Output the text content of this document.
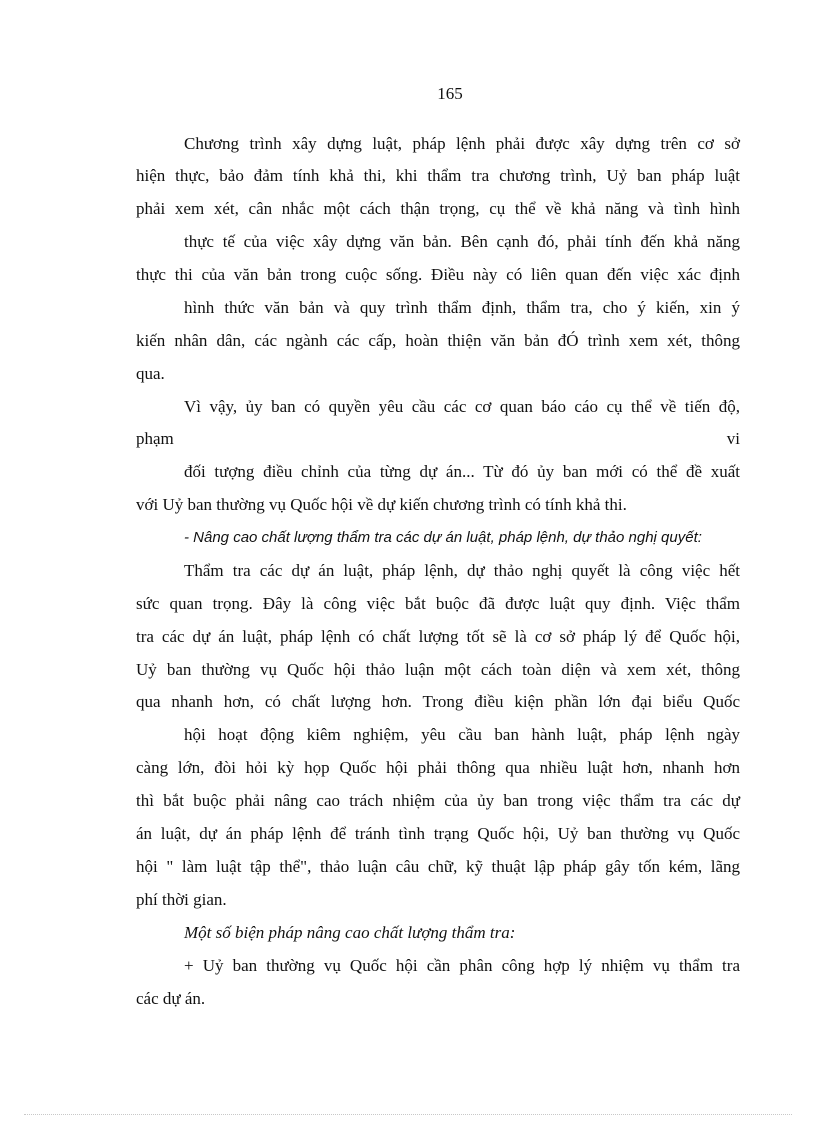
165
Chương trình xây dựng luật, pháp lệnh phải được xây dựng trên cơ sở
hiện thực, bảo đảm tính khả thi, khi thẩm tra chương trình, Uỷ ban pháp luật
phải xem xét, cân nhắc một cách thận trọng, cụ thể về khả năng và tình hình
thực tế của việc xây dựng văn bản. Bên cạnh đó, phải tính đến khả năng
thực thi của văn bản trong cuộc sống. Điều này có liên quan đến việc xác định
hình thức văn bản và quy trình thẩm định, thẩm tra, cho ý kiến, xin ý
kiến nhân dân, các ngành các cấp, hoàn thiện văn bản đÓ trình xem xét, thông
qua.
Vì vậy, ủy ban có quyền yêu cầu các cơ quan báo cáo cụ thể về tiến độ,
phạm	vi
đối tượng điều chỉnh của từng dự án... Từ đó ủy ban mới có thể đề xuất
với Uỷ ban thường vụ Quốc hội về dự kiến chương trình có tính khả thi.
- Nâng cao chất lượng thẩm tra các dự án luật, pháp lệnh, dự thảo nghị quyết:
Thẩm tra các dự án luật, pháp lệnh, dự thảo nghị quyết là công việc hết
sức quan trọng. Đây là công việc bắt buộc đã được luật quy định. Việc thẩm
tra các dự án luật, pháp lệnh có chất lượng tốt sẽ là cơ sở pháp lý để Quốc hội,
Uỷ ban thường vụ Quốc hội thảo luận một cách toàn diện và xem xét, thông
qua nhanh hơn, có chất lượng hơn. Trong điều kiện phần lớn đại biểu Quốc
hội hoạt động kiêm nghiệm, yêu cầu ban hành luật, pháp lệnh ngày
càng lớn, đòi hỏi kỳ họp Quốc hội phải thông qua nhiều luật hơn, nhanh hơn
thì bắt buộc phải nâng cao trách nhiệm của ủy ban trong việc thẩm tra các dự
án luật, dự án pháp lệnh để tránh tình trạng Quốc hội, Uỷ ban thường vụ Quốc
hội " làm luật tập thể", thảo luận câu chữ, kỹ thuật lập pháp gây tốn kém, lãng
phí thời gian.
Một số biện pháp nâng cao chất lượng thẩm tra:
+ Uỷ ban thường vụ Quốc hội cần phân công hợp lý nhiệm vụ thẩm tra
các dự án.
